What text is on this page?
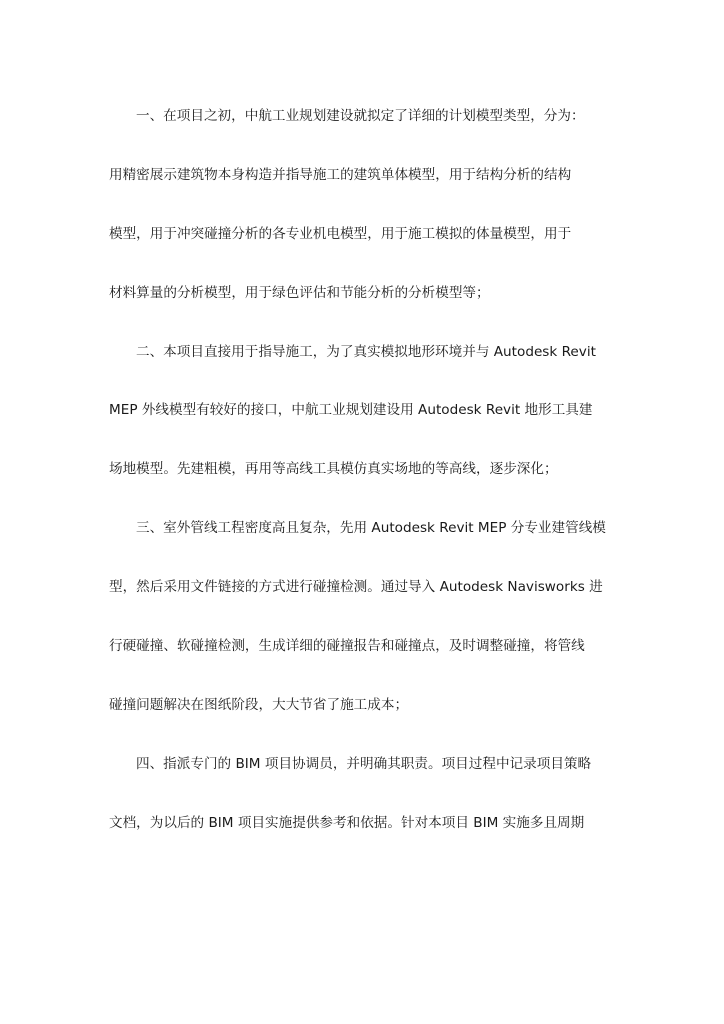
一、在项目之初，中航工业规划建设就拟定了详细的计划模型类型，分为：
用精密展示建筑物本身构造并指导施工的建筑单体模型，用于结构分析的结构
模型，用于冲突碰撞分析的各专业机电模型，用于施工模拟的体量模型，用于
材料算量的分析模型，用于绿色评估和节能分析的分析模型等；
二、本项目直接用于指导施工，为了真实模拟地形环境并与 Autodesk Revit
MEP 外线模型有较好的接口，中航工业规划建设用 Autodesk Revit 地形工具建
场地模型。先建粗模，再用等高线工具模仿真实场地的等高线，逐步深化；
三、室外管线工程密度高且复杂，先用 Autodesk Revit MEP 分专业建管线模
型，然后采用文件链接的方式进行碰撞检测。通过导入 Autodesk Navisworks 进
行硬碰撞、软碰撞检测，生成详细的碰撞报告和碰撞点，及时调整碰撞，将管线
碰撞问题解决在图纸阶段，大大节省了施工成本；
四、指派专门的 BIM 项目协调员，并明确其职责。项目过程中记录项目策略
文档，为以后的 BIM 项目实施提供参考和依据。针对本项目 BIM 实施多且周期
